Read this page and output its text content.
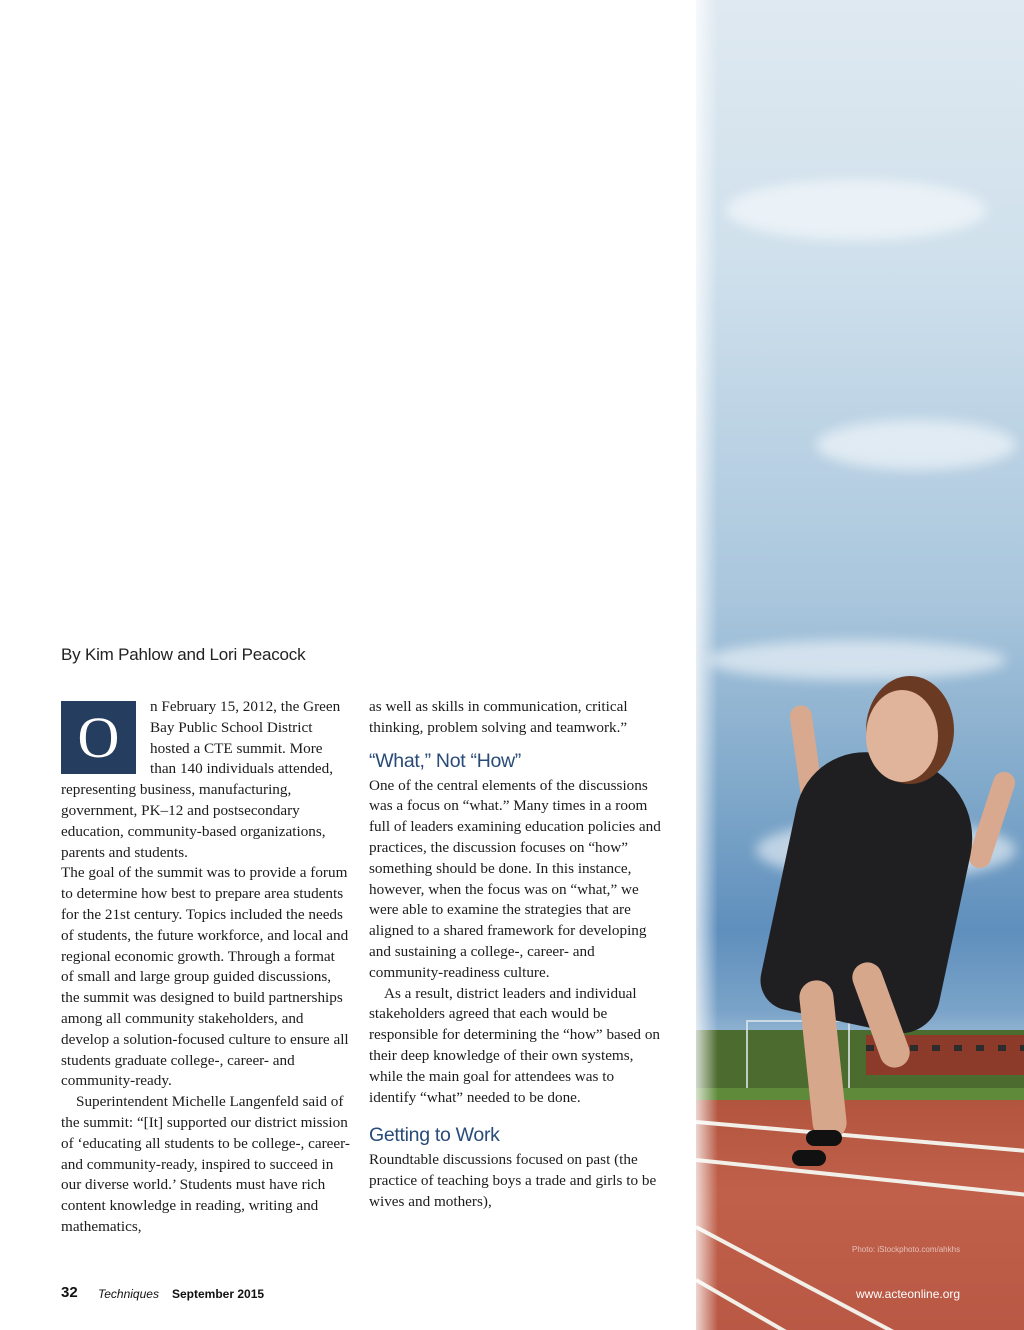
Photo: iStockphoto.com/ahkhs
www.acteonline.org
By Kim Pahlow and Lori Peacock

O	n February 15, 2012, the Green Bay Public School District hosted a CTE summit. More than 140 individuals attended, representing business, manufacturing, government, PK–12 and postsecondary education, community-based organizations, parents and students.

The goal of the summit was to provide a forum to determine how best to prepare area students for the 21st century. Topics included the needs of students, the future workforce, and local and regional economic growth. Through a format of small and large group guided discussions, the summit was designed to build partnerships among all community stakeholders, and develop a solution-focused culture to ensure all students graduate college-, career- and community-ready.

Superintendent Michelle Langenfeld said of the summit: “[It] supported our district mission of ‘educating all students to be college-, career- and community-ready, inspired to succeed in our diverse world.’ Students must have rich content knowledge in reading, writing and mathematics,

as well as skills in communication, critical thinking, problem solving and teamwork.”

“What,” Not “How”

One of the central elements of the discussions was a focus on “what.” Many times in a room full of leaders examining education policies and practices, the discussion focuses on “how” something should be done. In this instance, however, when the focus was on “what,” we were able to examine the strategies that are aligned to a shared framework for developing and sustaining a college-, career- and community-readiness culture.

As a result, district leaders and individual stakeholders agreed that each would be responsible for determining the “how” based on their deep knowledge of their own systems, while the main goal for attendees was to identify “what” needed to be done.

Getting to Work

Roundtable discussions focused on past (the practice of teaching boys a trade and girls to be wives and mothers),

32 Techniques September 2015
